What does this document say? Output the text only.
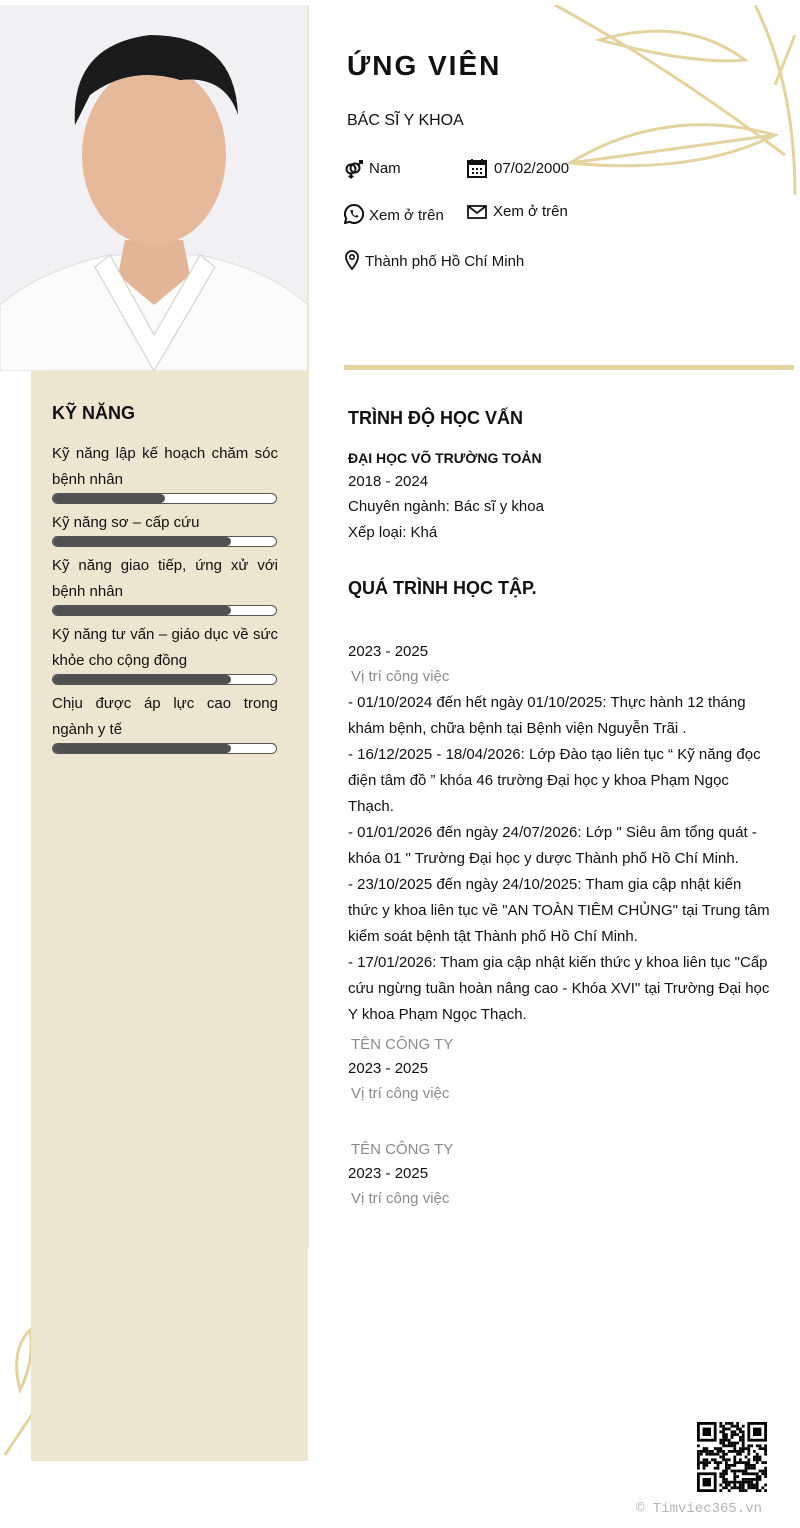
KỸ NĂNG
Kỹ năng lập kế hoạch chăm sóc bệnh nhân
Kỹ năng sơ – cấp cứu
Kỹ năng giao tiếp, ứng xử với bệnh nhân
Kỹ năng tư vấn – giáo dục về sức khỏe cho cộng đồng
Chịu được áp lực cao trong ngành y tế
ỨNG VIÊN
BÁC SĨ Y KHOA
Nam	07/02/2000
Xem ở trên	Xem ở trên
Thành phố Hồ Chí Minh
TRÌNH ĐỘ HỌC VẤN
ĐẠI HỌC VÕ TRƯỜNG TOẢN
2018 - 2024
Chuyên ngành: Bác sĩ y khoa
Xếp loại: Khá
QUÁ TRÌNH HỌC TẬP.
2023 - 2025
Vị trí công việc
- 01/10/2024 đến hết ngày 01/10/2025: Thực hành 12 tháng khám bệnh, chữa bệnh tại Bệnh viện Nguyễn Trãi .
- 16/12/2025 - 18/04/2026: Lớp Đào tạo liên tục “ Kỹ năng đọc điện tâm đồ ” khóa 46 trường Đại học y khoa Phạm Ngọc Thạch.
- 01/01/2026 đến ngày 24/07/2026: Lớp " Siêu âm tổng quát - khóa 01 " Trường Đại học y dược Thành phố Hồ Chí Minh.
- 23/10/2025 đến ngày 24/10/2025: Tham gia cập nhật kiến thức y khoa liên tục về "AN TOÀN TIÊM CHỦNG" tại Trung tâm kiểm soát bệnh tật Thành phố Hồ Chí Minh.
- 17/01/2026: Tham gia cập nhật kiến thức y khoa liên tục "Cấp cứu ngừng tuần hoàn nâng cao - Khóa XVI" tại Trường Đại học Y khoa Phạm Ngọc Thạch.
TÊN CÔNG TY
2023 - 2025
Vị trí công việc
TÊN CÔNG TY
2023 - 2025
Vị trí công việc
© Timviec365.vn
